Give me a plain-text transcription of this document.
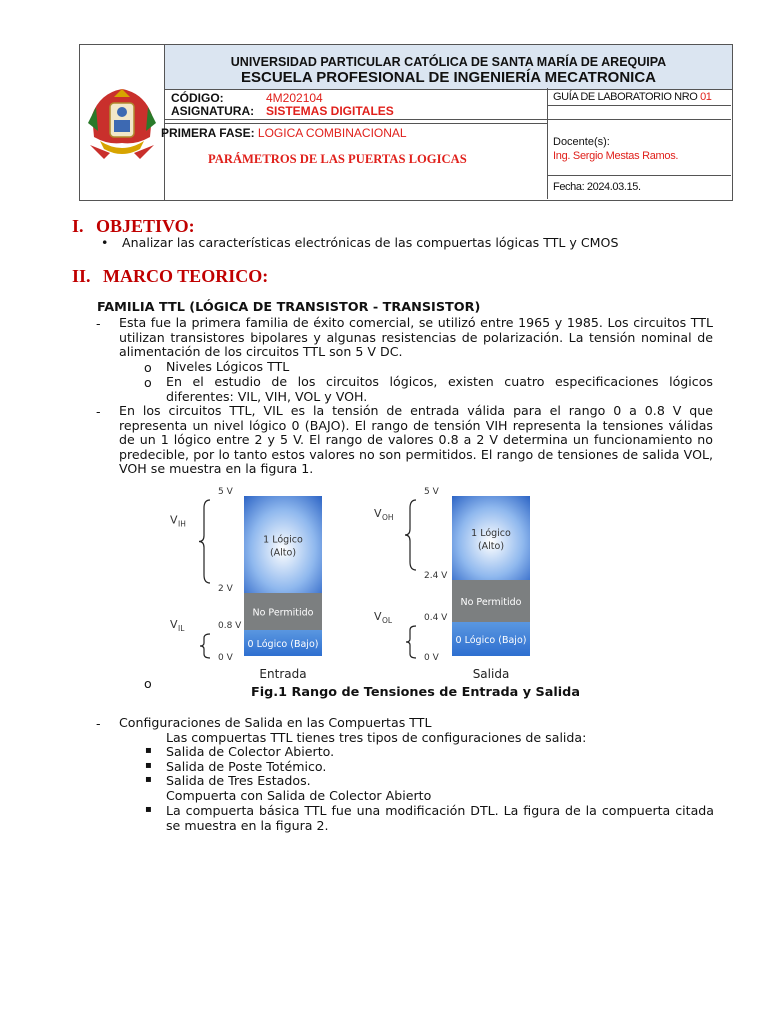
UNIVERSIDAD PARTICULAR CATÓLICA DE SANTA MARÍA DE AREQUIPA
ESCUELA PROFESIONAL DE INGENIERÍA MECATRONICA
CÓDIGO:	4M202104
ASIGNATURA: SISTEMAS DIGITALES
GUÍA DE LABORATORIO NRO 01
PRIMERA FASE: LOGICA COMBINACIONAL
PARÁMETROS DE LAS PUERTAS LOGICAS
Docente(s):
Ing. Sergio Mestas Ramos.
Fecha: 2024.03.15.
I. OBJETIVO:
• Analizar las características electrónicas de las compuertas lógicas TTL y CMOS
II. MARCO TEORICO:
FAMILIA TTL (LÓGICA DE TRANSISTOR - TRANSISTOR)
- Esta fue la primera familia de éxito comercial, se utilizó entre 1965 y 1985. Los circuitos TTL utilizan transistores bipolares y algunas resistencias de polarización. La tensión nominal de alimentación de los circuitos TTL son 5 V DC.
o Niveles Lógicos TTL
o En el estudio de los circuitos lógicos, existen cuatro especificaciones lógicos diferentes: VIL, VIH, VOL y VOH.
- En los circuitos TTL, VIL es la tensión de entrada válida para el rango 0 a 0.8 V que representa un nivel lógico 0 (BAJO). El rango de tensión VIH representa la tensiones válidas de un 1 lógico entre 2 y 5 V. El rango de valores 0.8 a 2 V determina un funcionamiento no predecible, por lo tanto estos valores no son permitidos. El rango de tensiones de salida VOL, VOH se muestra en la figura 1.
1 Lógico
(Alto)
No Permitido
0 Lógico (Bajo)
5 V
2 V
0.8 V
0 V
V IH
V IL
Entrada
1 Lógico
(Alto)
No Permitido
0 Lógico (Bajo)
5 V
2.4 V
0.4 V
0 V
V OH
V OL
Salida
o
Fig.1 Rango de Tensiones de Entrada y Salida
- Configuraciones de Salida en las Compuertas TTL
Las compuertas TTL tienes tres tipos de configuraciones de salida:
▪ Salida de Colector Abierto.
▪ Salida de Poste Totémico.
▪ Salida de Tres Estados.
Compuerta con Salida de Colector Abierto
▪ La compuerta básica TTL fue una modificación DTL. La figura de la compuerta citada se muestra en la figura 2.
